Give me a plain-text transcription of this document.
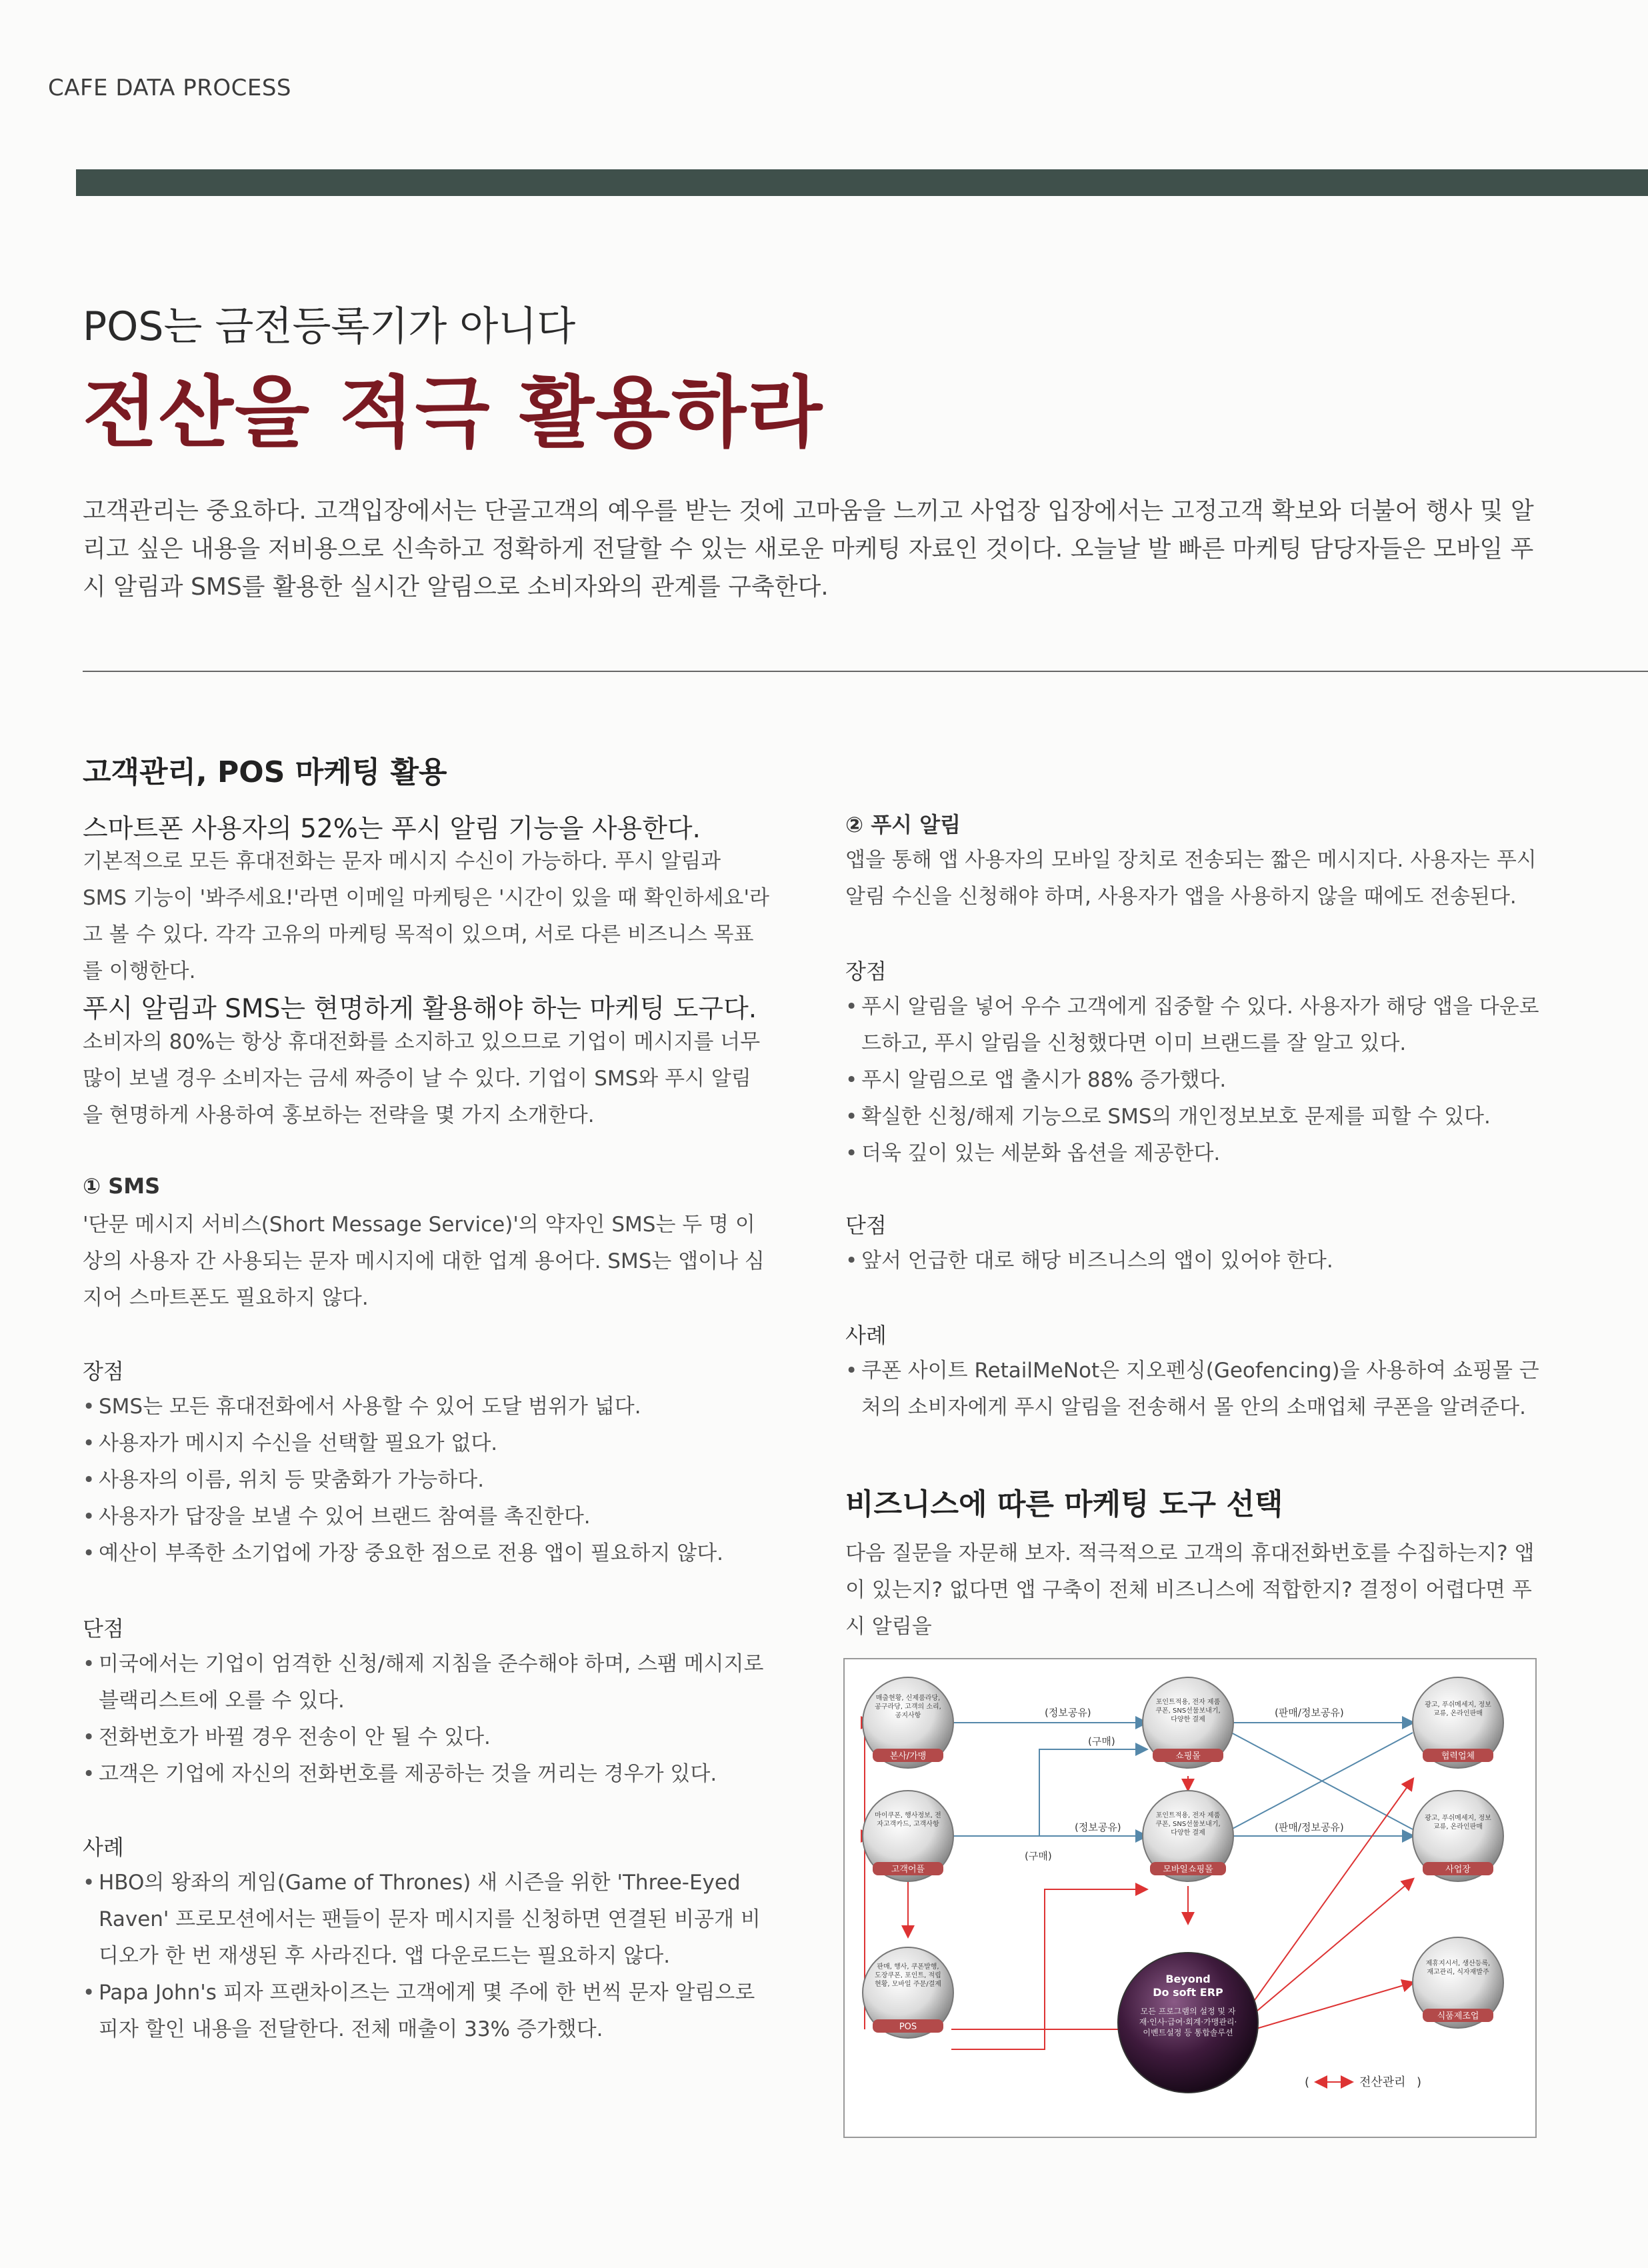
CAFE DATA PROCESS
POS는 금전등록기가 아니다
전산을 적극 활용하라
고객관리는 중요하다. 고객입장에서는 단골고객의 예우를 받는 것에 고마움을 느끼고 사업장 입장에서는 고정고객 확보와 더불어 행사 및 알리고 싶은 내용을 저비용으로 신속하고 정확하게 전달할 수 있는 새로운 마케팅 자료인 것이다. 오늘날 발 빠른 마케팅 담당자들은 모바일 푸시 알림과 SMS를 활용한 실시간 알림으로 소비자와의 관계를 구축한다.
고객관리, POS 마케팅 활용
스마트폰 사용자의 52%는 푸시 알림 기능을 사용한다.
기본적으로 모든 휴대전화는 문자 메시지 수신이 가능하다. 푸시 알림과 SMS 기능이 '봐주세요!'라면 이메일 마케팅은 '시간이 있을 때 확인하세요'라고 볼 수 있다. 각각 고유의 마케팅 목적이 있으며, 서로 다른 비즈니스 목표를 이행한다.
푸시 알림과 SMS는 현명하게 활용해야 하는 마케팅 도구다.
소비자의 80%는 항상 휴대전화를 소지하고 있으므로 기업이 메시지를 너무 많이 보낼 경우 소비자는 금세 짜증이 날 수 있다. 기업이 SMS와 푸시 알림을 현명하게 사용하여 홍보하는 전략을 몇 가지 소개한다.
① SMS
'단문 메시지 서비스(Short Message Service)'의 약자인 SMS는 두 명 이상의 사용자 간 사용되는 문자 메시지에 대한 업계 용어다. SMS는 앱이나 심지어 스마트폰도 필요하지 않다.
장점
• SMS는 모든 휴대전화에서 사용할 수 있어 도달 범위가 넓다.
• 사용자가 메시지 수신을 선택할 필요가 없다.
• 사용자의 이름, 위치 등 맞춤화가 가능하다.
• 사용자가 답장을 보낼 수 있어 브랜드 참여를 촉진한다.
• 예산이 부족한 소기업에 가장 중요한 점으로 전용 앱이 필요하지 않다.
단점
• 미국에서는 기업이 엄격한 신청/해제 지침을 준수해야 하며, 스팸 메시지로 블랙리스트에 오를 수 있다.
• 전화번호가 바뀔 경우 전송이 안 될 수 있다.
• 고객은 기업에 자신의 전화번호를 제공하는 것을 꺼리는 경우가 있다.
사례
• HBO의 왕좌의 게임(Game of Thrones) 새 시즌을 위한 'Three-Eyed Raven' 프로모션에서는 팬들이 문자 메시지를 신청하면 연결된 비공개 비디오가 한 번 재생된 후 사라진다. 앱 다운로드는 필요하지 않다.
• Papa John's 피자 프랜차이즈는 고객에게 몇 주에 한 번씩 문자 알림으로 피자 할인 내용을 전달한다. 전체 매출이 33% 증가했다.
② 푸시 알림
앱을 통해 앱 사용자의 모바일 장치로 전송되는 짧은 메시지다. 사용자는 푸시 알림 수신을 신청해야 하며, 사용자가 앱을 사용하지 않을 때에도 전송된다.
장점
• 푸시 알림을 넣어 우수 고객에게 집중할 수 있다. 사용자가 해당 앱을 다운로드하고, 푸시 알림을 신청했다면 이미 브랜드를 잘 알고 있다.
• 푸시 알림으로 앱 출시가 88% 증가했다.
• 확실한 신청/해제 기능으로 SMS의 개인정보보호 문제를 피할 수 있다.
• 더욱 깊이 있는 세분화 옵션을 제공한다.
단점
• 앞서 언급한 대로 해당 비즈니스의 앱이 있어야 한다.
사례
• 쿠폰 사이트 RetailMeNot은 지오펜싱(Geofencing)을 사용하여 쇼핑몰 근처의 소비자에게 푸시 알림을 전송해서 몰 안의 소매업체 쿠폰을 알려준다.
비즈니스에 따른 마케팅 도구 선택
다음 질문을 자문해 보자. 적극적으로 고객의 휴대전화번호를 수집하는지? 앱이 있는지? 없다면 앱 구축이 전체 비즈니스에 적합한지? 결정이 어렵다면 푸시 알림을
(정보공유)
(구매)
(판매/정보공유)
(정보공유)
(구매)
(판매/정보공유)
매출현황, 신제품라당, 공구라당, 고객의 소리, 공지사항
본사/가맹
마이쿠폰, 행사정보, 전자고객카드, 고객사항
고객어플
판매, 행사, 쿠폰발행, 도장쿠폰, 포인트, 적립현황, 모바일 주문/결제
POS
포인트적용, 전자 제품쿠폰, SNS선물보내기, 다양한 결제
쇼핑몰
포인트적용, 전자 제품쿠폰, SNS선물보내기, 다양한 결제
모바일쇼핑몰
Beyond
Do soft ERP
모든 프로그램의 설정 및 자재·인사·급여·회계·가맹관리·이벤트설정 등 통합솔루션
광고, 푸쉬메세지, 정보교류, 온라인판매
협력업체
광고, 푸쉬메세지, 정보교류, 온라인판매
사업장
제휴지시서, 생산등록, 재고관리, 식자재발주
식품제조업
(	전산관리 )
